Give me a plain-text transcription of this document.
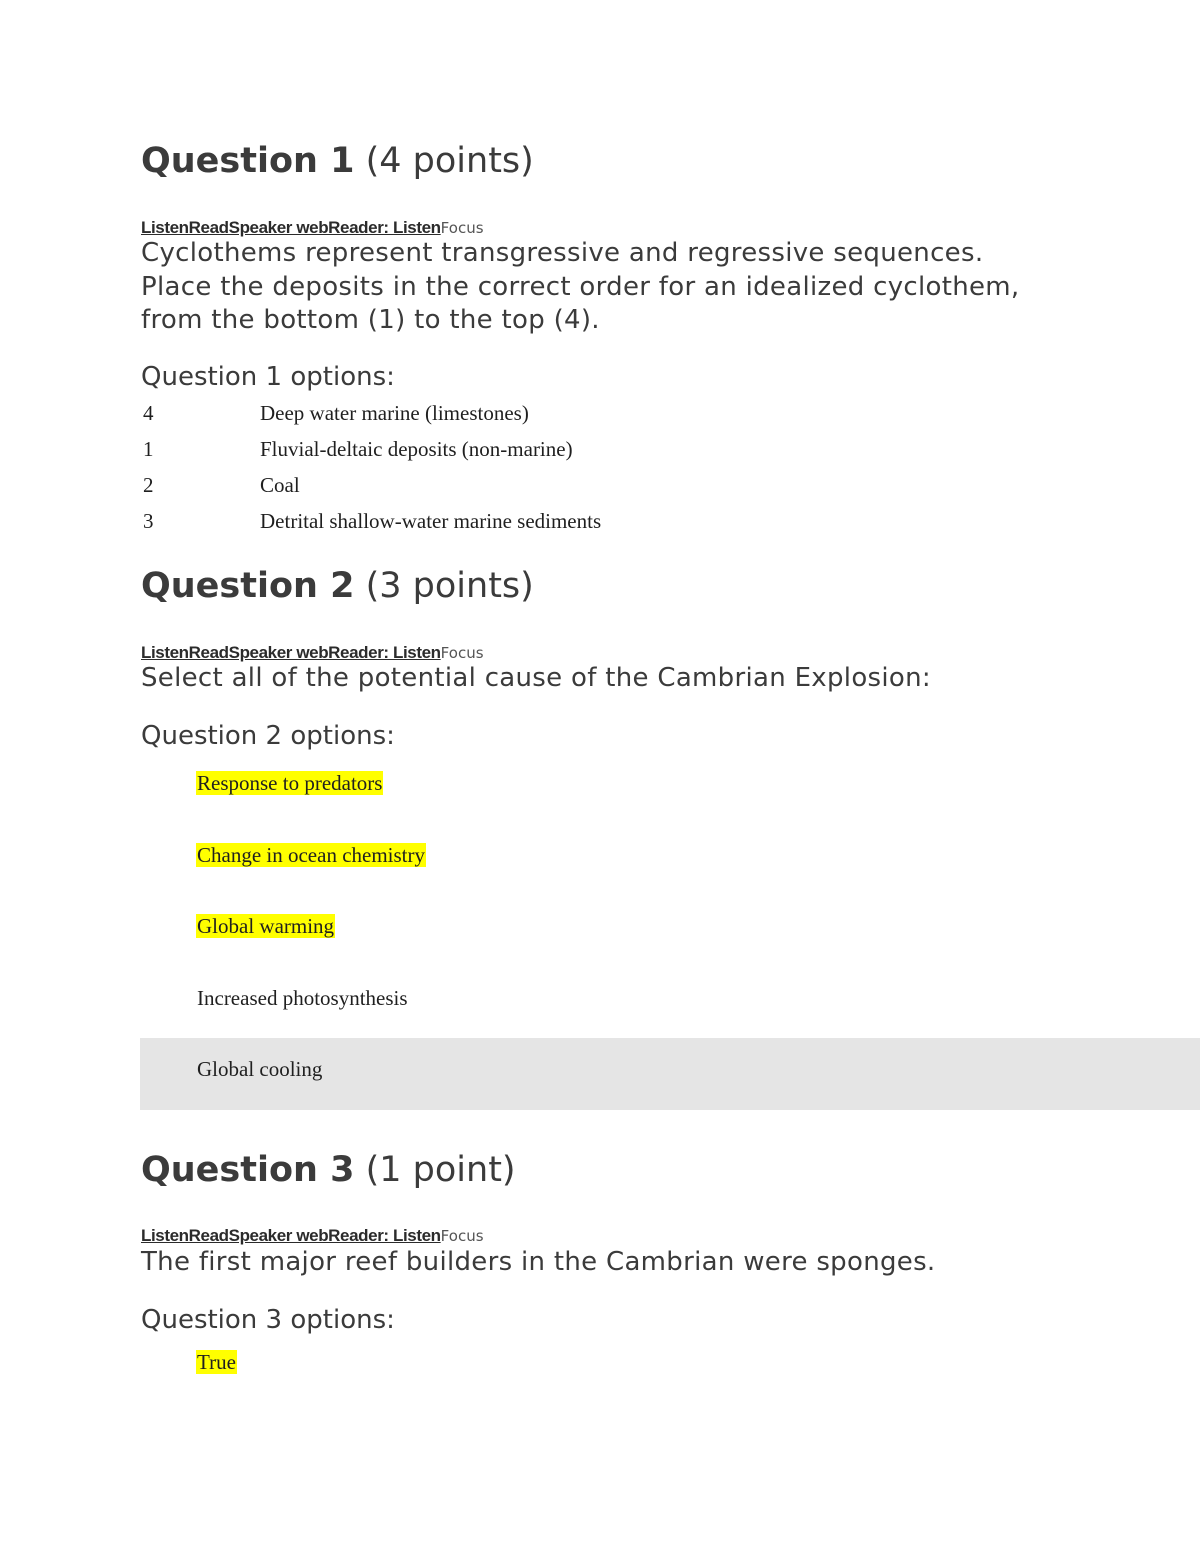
Question 1 (4 points)
ListenReadSpeaker webReader: ListenFocus
Cyclothems represent transgressive and regressive sequences. Place the deposits in the correct order for an idealized cyclothem, from the bottom (1) to the top (4).
Question 1 options:
4	Deep water marine (limestones)
1	Fluvial-deltaic deposits (non-marine)
2	Coal
3	Detrital shallow-water marine sediments
Question 2 (3 points)
ListenReadSpeaker webReader: ListenFocus
Select all of the potential cause of the Cambrian Explosion:
Question 2 options:
Response to predators
Change in ocean chemistry
Global warming
Increased photosynthesis
Global cooling
Question 3 (1 point)
ListenReadSpeaker webReader: ListenFocus
The first major reef builders in the Cambrian were sponges.
Question 3 options:
True
